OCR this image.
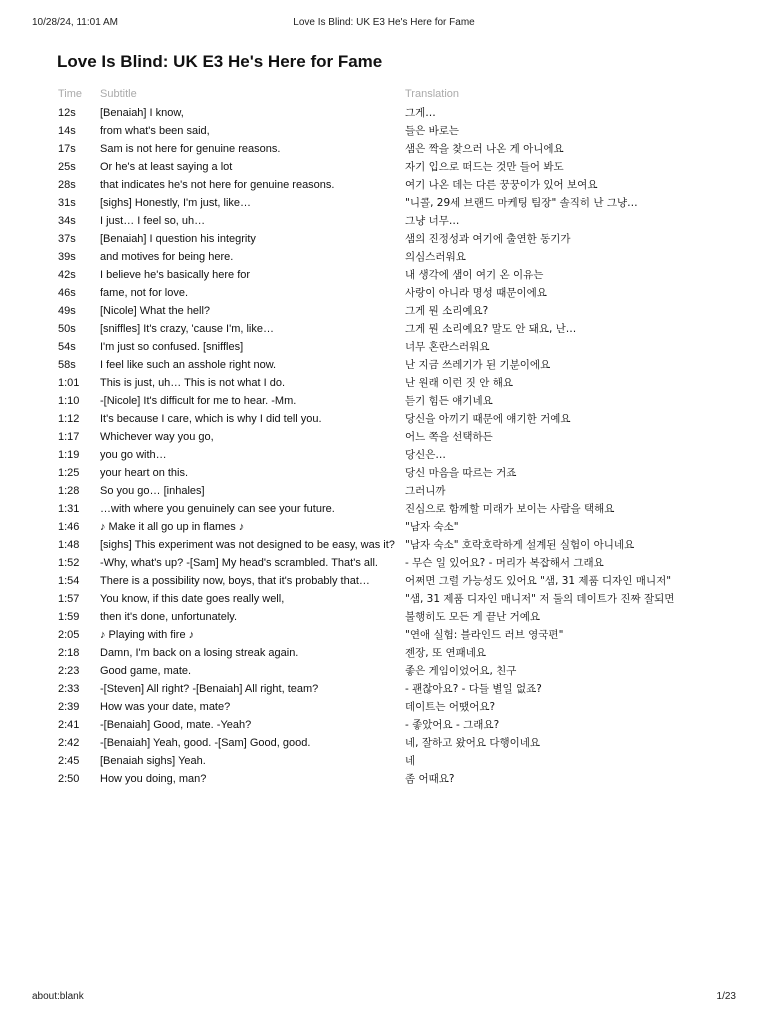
10/28/24, 11:01 AM	Love Is Blind: UK E3 He's Here for Fame
Love Is Blind: UK E3 He's Here for Fame
Time	Subtitle	Translation
12s	[Benaiah] I know,	그게…
14s	from what's been said,	들은 바로는
17s	Sam is not here for genuine reasons.	샘은 짝을 찾으러 나온 게 아니에요
25s	Or he's at least saying a lot	자기 입으로 떠드는 것만 들어 봐도
28s	that indicates he's not here for genuine reasons.	여기 나온 데는 다른 꿍꿍이가 있어 보여요
31s	[sighs] Honestly, I'm just, like…	"니콜, 29세 브랜드 마케팅 팀장" 솔직히 난 그냥…
34s	I just… I feel so, uh…	그냥 너무…
37s	[Benaiah] I question his integrity	샘의 진정성과 여기에 출연한 동기가
39s	and motives for being here.	의심스러워요
42s	I believe he's basically here for	내 생각에 샘이 여기 온 이유는
46s	fame, not for love.	사랑이 아니라 명성 때문이에요
49s	[Nicole] What the hell?	그게 뭔 소리예요?
50s	[sniffles] It's crazy, 'cause I'm, like…	그게 뭔 소리예요? 말도 안 돼요, 난…
54s	I'm just so confused. [sniffles]	너무 혼란스러워요
58s	I feel like such an asshole right now.	난 지금 쓰레기가 된 기분이에요
1:01	This is just, uh… This is not what I do.	난 원래 이런 짓 안 해요
1:10	-[Nicole] It's difficult for me to hear. -Mm.	듣기 힘든 얘기네요
1:12	It's because I care, which is why I did tell you.	당신을 아끼기 때문에 얘기한 거예요
1:17	Whichever way you go,	어느 쪽을 선택하든
1:19	you go with…	당신은…
1:25	your heart on this.	당신 마음을 따르는 거죠
1:28	So you go… [inhales]	그러니까
1:31	…with where you genuinely can see your future.	진심으로 함께할 미래가 보이는 사람을 택해요
1:46	♪ Make it all go up in flames ♪	"남자 숙소"
1:48	[sighs] This experiment was not designed to be easy, was it?	"남자 숙소" 호락호락하게 설계된 실험이 아니네요
1:52	-Why, what's up? -[Sam] My head's scrambled. That's all.	- 무슨 일 있어요? - 머리가 복잡해서 그래요
1:54	There is a possibility now, boys, that it's probably that…	어쩌면 그럴 가능성도 있어요 "샘, 31 제품 디자인 매니저"
1:57	You know, if this date goes really well,	"샘, 31 제품 디자인 매니저" 저 둘의 데이트가 진짜 잘되면
1:59	then it's done, unfortunately.	불행히도 모든 게 끝난 거예요
2:05	♪ Playing with fire ♪	"연애 실험: 블라인드 러브 영국편"
2:18	Damn, I'm back on a losing streak again.	젠장, 또 연패네요
2:23	Good game, mate.	좋은 게임이었어요, 친구
2:33	-[Steven] All right? -[Benaiah] All right, team?	- 괜찮아요? - 다들 별일 없죠?
2:39	How was your date, mate?	데이트는 어땠어요?
2:41	-[Benaiah] Good, mate. -Yeah?	- 좋았어요 - 그래요?
2:42	-[Benaiah] Yeah, good. -[Sam] Good, good.	네, 잘하고 왔어요 다행이네요
2:45	[Benaiah sighs] Yeah.	네
2:50	How you doing, man?	좀 어때요?
about:blank	1/23
